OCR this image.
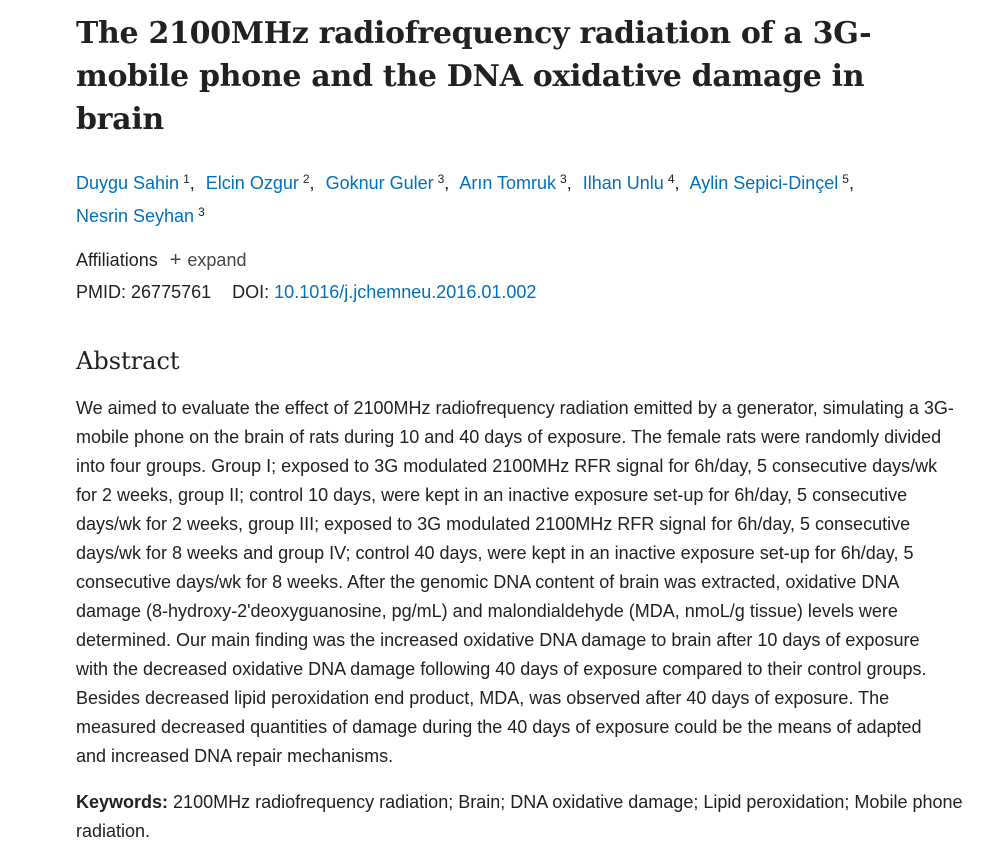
The 2100MHz radiofrequency radiation of a 3G-mobile phone and the DNA oxidative damage in brain
Duygu Sahin $^1$, Elcin Ozgur $^2$, Goknur Guler $^3$, Arın Tomruk $^3$, Ilhan Unlu $^4$, Aylin Sepici-Dinçel $^5$,
Nesrin Seyhan $^3$
Affiliations + expand
PMID: 26775761 DOI: 10.1016/j.jchemneu.2016.01.002
Abstract
We aimed to evaluate the effect of 2100MHz radiofrequency radiation emitted by a generator, simulating a 3G-mobile phone on the brain of rats during 10 and 40 days of exposure. The female rats were randomly divided into four groups. Group I; exposed to 3G modulated 2100MHz RFR signal for 6h/day, 5 consecutive days/wk for 2 weeks, group II; control 10 days, were kept in an inactive exposure set-up for 6h/day, 5 consecutive days/wk for 2 weeks, group III; exposed to 3G modulated 2100MHz RFR signal for 6h/day, 5 consecutive days/wk for 8 weeks and group IV; control 40 days, were kept in an inactive exposure set-up for 6h/day, 5 consecutive days/wk for 8 weeks. After the genomic DNA content of brain was extracted, oxidative DNA damage (8-hydroxy-2'deoxyguanosine, pg/mL) and malondialdehyde (MDA, nmoL/g tissue) levels were determined. Our main finding was the increased oxidative DNA damage to brain after 10 days of exposure with the decreased oxidative DNA damage following 40 days of exposure compared to their control groups. Besides decreased lipid peroxidation end product, MDA, was observed after 40 days of exposure. The measured decreased quantities of damage during the 40 days of exposure could be the means of adapted and increased DNA repair mechanisms.
Keywords: 2100MHz radiofrequency radiation; Brain; DNA oxidative damage; Lipid peroxidation; Mobile phone radiation.
